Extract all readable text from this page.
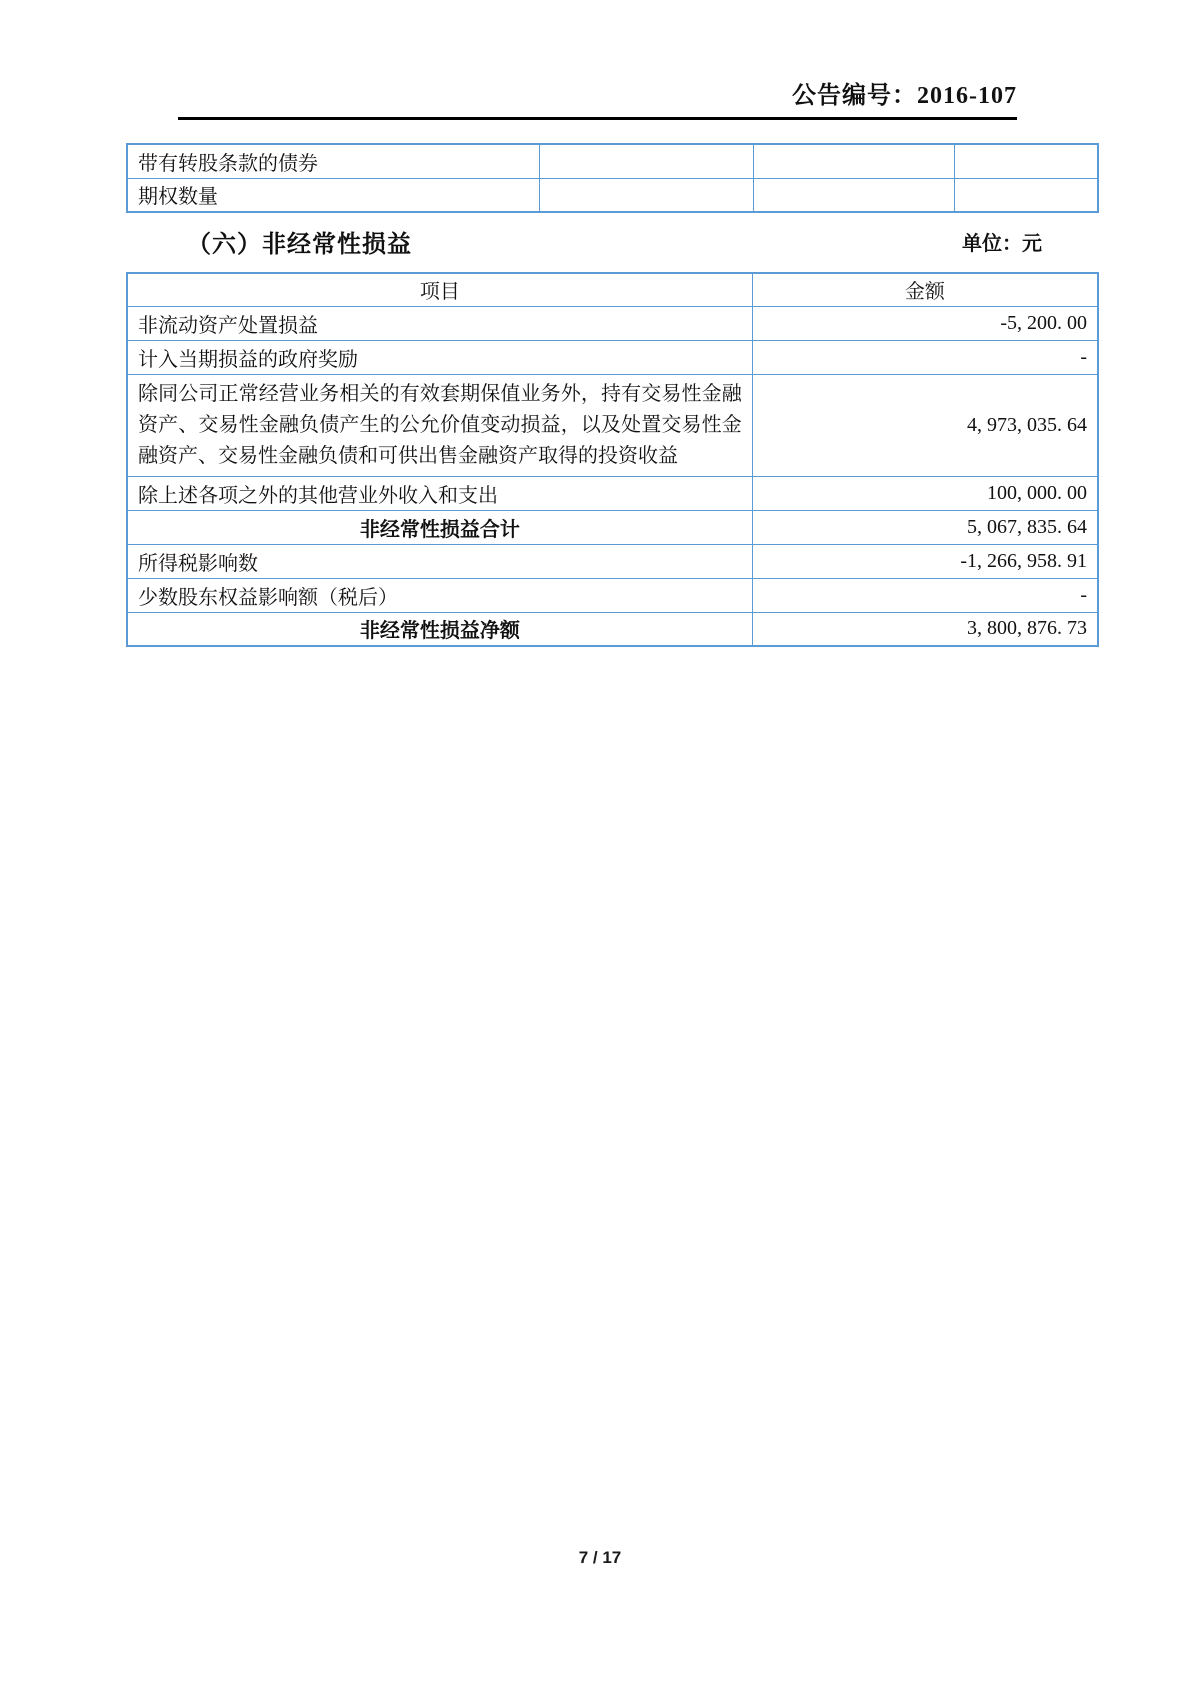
公告编号：2016-107
带有转股条款的债券			
期权数量			
（六）非经常性损益	单位：元
项目	金额
非流动资产处置损益	-5, 200. 00
计入当期损益的政府奖励	-
除同公司正常经营业务相关的有效套期保值业务外，持有交易性金融资产、交易性金融负债产生的公允价值变动损益，以及处置交易性金融资产、交易性金融负债和可供出售金融资产取得的投资收益	4, 973, 035. 64
除上述各项之外的其他营业外收入和支出	100, 000. 00
非经常性损益合计	5, 067, 835. 64
所得税影响数	-1, 266, 958. 91
少数股东权益影响额（税后）	-
非经常性损益净额	3, 800, 876. 73
7 / 17
